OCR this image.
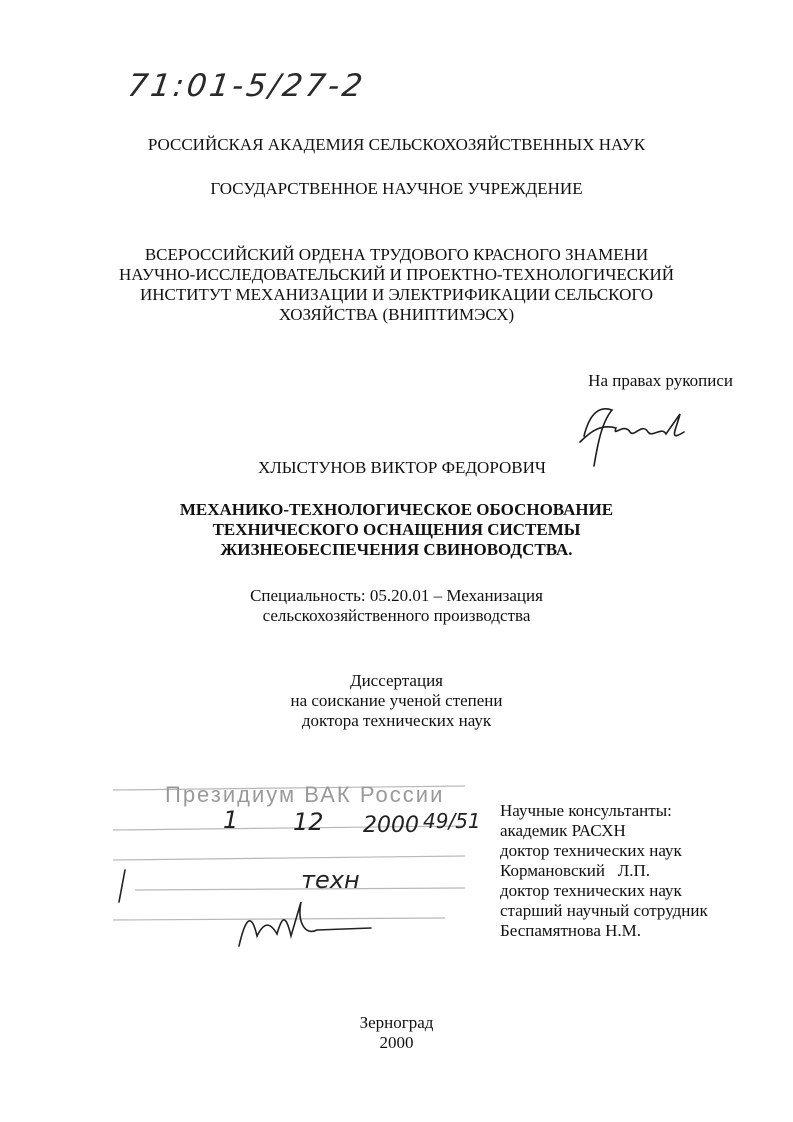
71:01-5/27-2
РОССИЙСКАЯ АКАДЕМИЯ СЕЛЬСКОХОЗЯЙСТВЕННЫХ НАУК
ГОСУДАРСТВЕННОЕ НАУЧНОЕ УЧРЕЖДЕНИЕ
ВСЕРОССИЙСКИЙ ОРДЕНА ТРУДОВОГО КРАСНОГО ЗНАМЕНИ
НАУЧНО-ИССЛЕДОВАТЕЛЬСКИЙ И ПРОЕКТНО-ТЕХНОЛОГИЧЕСКИЙ
ИНСТИТУТ МЕХАНИЗАЦИИ И ЭЛЕКТРИФИКАЦИИ СЕЛЬСКОГО
ХОЗЯЙСТВА (ВНИПТИМЭСХ)
На правах рукописи
ХЛЫСТУНОВ ВИКТОР ФЕДОРОВИЧ
МЕХАНИКО-ТЕХНОЛОГИЧЕСКОЕ ОБОСНОВАНИЕ
ТЕХНИЧЕСКОГО ОСНАЩЕНИЯ СИСТЕМЫ
ЖИЗНЕОБЕСПЕЧЕНИЯ СВИНОВОДСТВА.
Специальность: 05.20.01 – Механизация
сельскохозяйственного производства
Диссертация
на соискание ученой степени
доктора технических наук
Президиум ВАК России
1 12 2000 49/51
техн
Научные консультанты:
академик РАСХН
доктор технических наук
Кормановский   Л.П.
доктор технических наук
старший научный сотрудник
Беспамятнова Н.М.
Зерноград
2000
